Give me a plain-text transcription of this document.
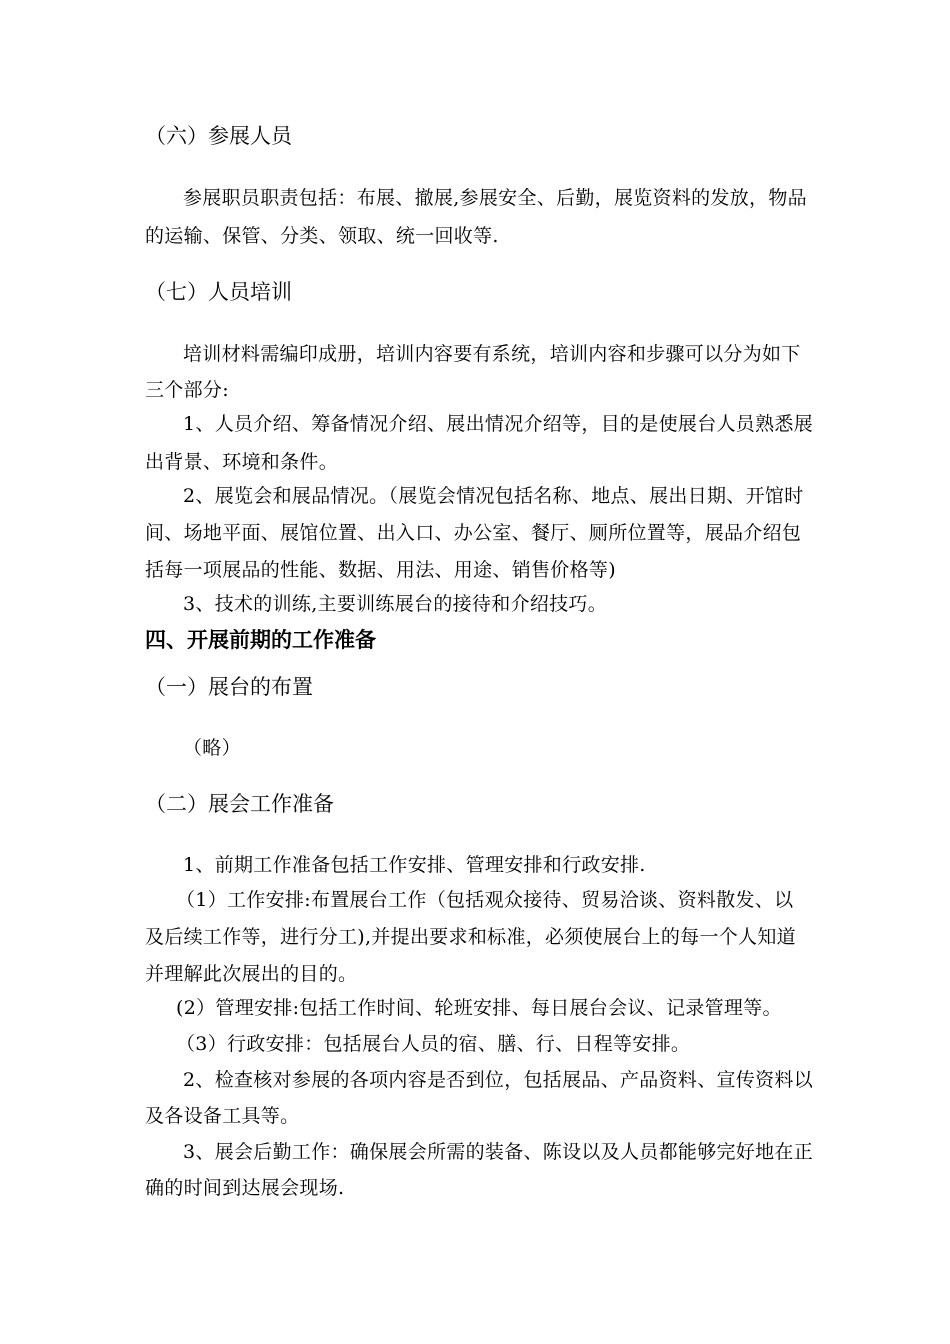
（六）参展人员
参展职员职责包括：布展、撤展,参展安全、后勤，展览资料的发放，物品
的运输、保管、分类、领取、统一回收等.
（七）人员培训
培训材料需编印成册，培训内容要有系统，培训内容和步骤可以分为如下
三个部分:
1、人员介绍、筹备情况介绍、展出情况介绍等，目的是使展台人员熟悉展
出背景、环境和条件。
2、展览会和展品情况。（展览会情况包括名称、地点、展出日期、开馆时
间、场地平面、展馆位置、出入口、办公室、餐厅、厕所位置等，展品介绍包
括每一项展品的性能、数据、用法、用途、销售价格等)
3、技术的训练,主要训练展台的接待和介绍技巧。
四、开展前期的工作准备
（一）展台的布置
（略）
（二）展会工作准备
1、前期工作准备包括工作安排、管理安排和行政安排.
（1）工作安排:布置展台工作（包括观众接待、贸易洽谈、资料散发、以
及后续工作等，进行分工),并提出要求和标准，必须使展台上的每一个人知道
并理解此次展出的目的。
(2）管理安排:包括工作时间、轮班安排、每日展台会议、记录管理等。
（3）行政安排：包括展台人员的宿、膳、行、日程等安排。
2、检查核对参展的各项内容是否到位，包括展品、产品资料、宣传资料以
及各设备工具等。
3、展会后勤工作：确保展会所需的装备、陈设以及人员都能够完好地在正
确的时间到达展会现场.
